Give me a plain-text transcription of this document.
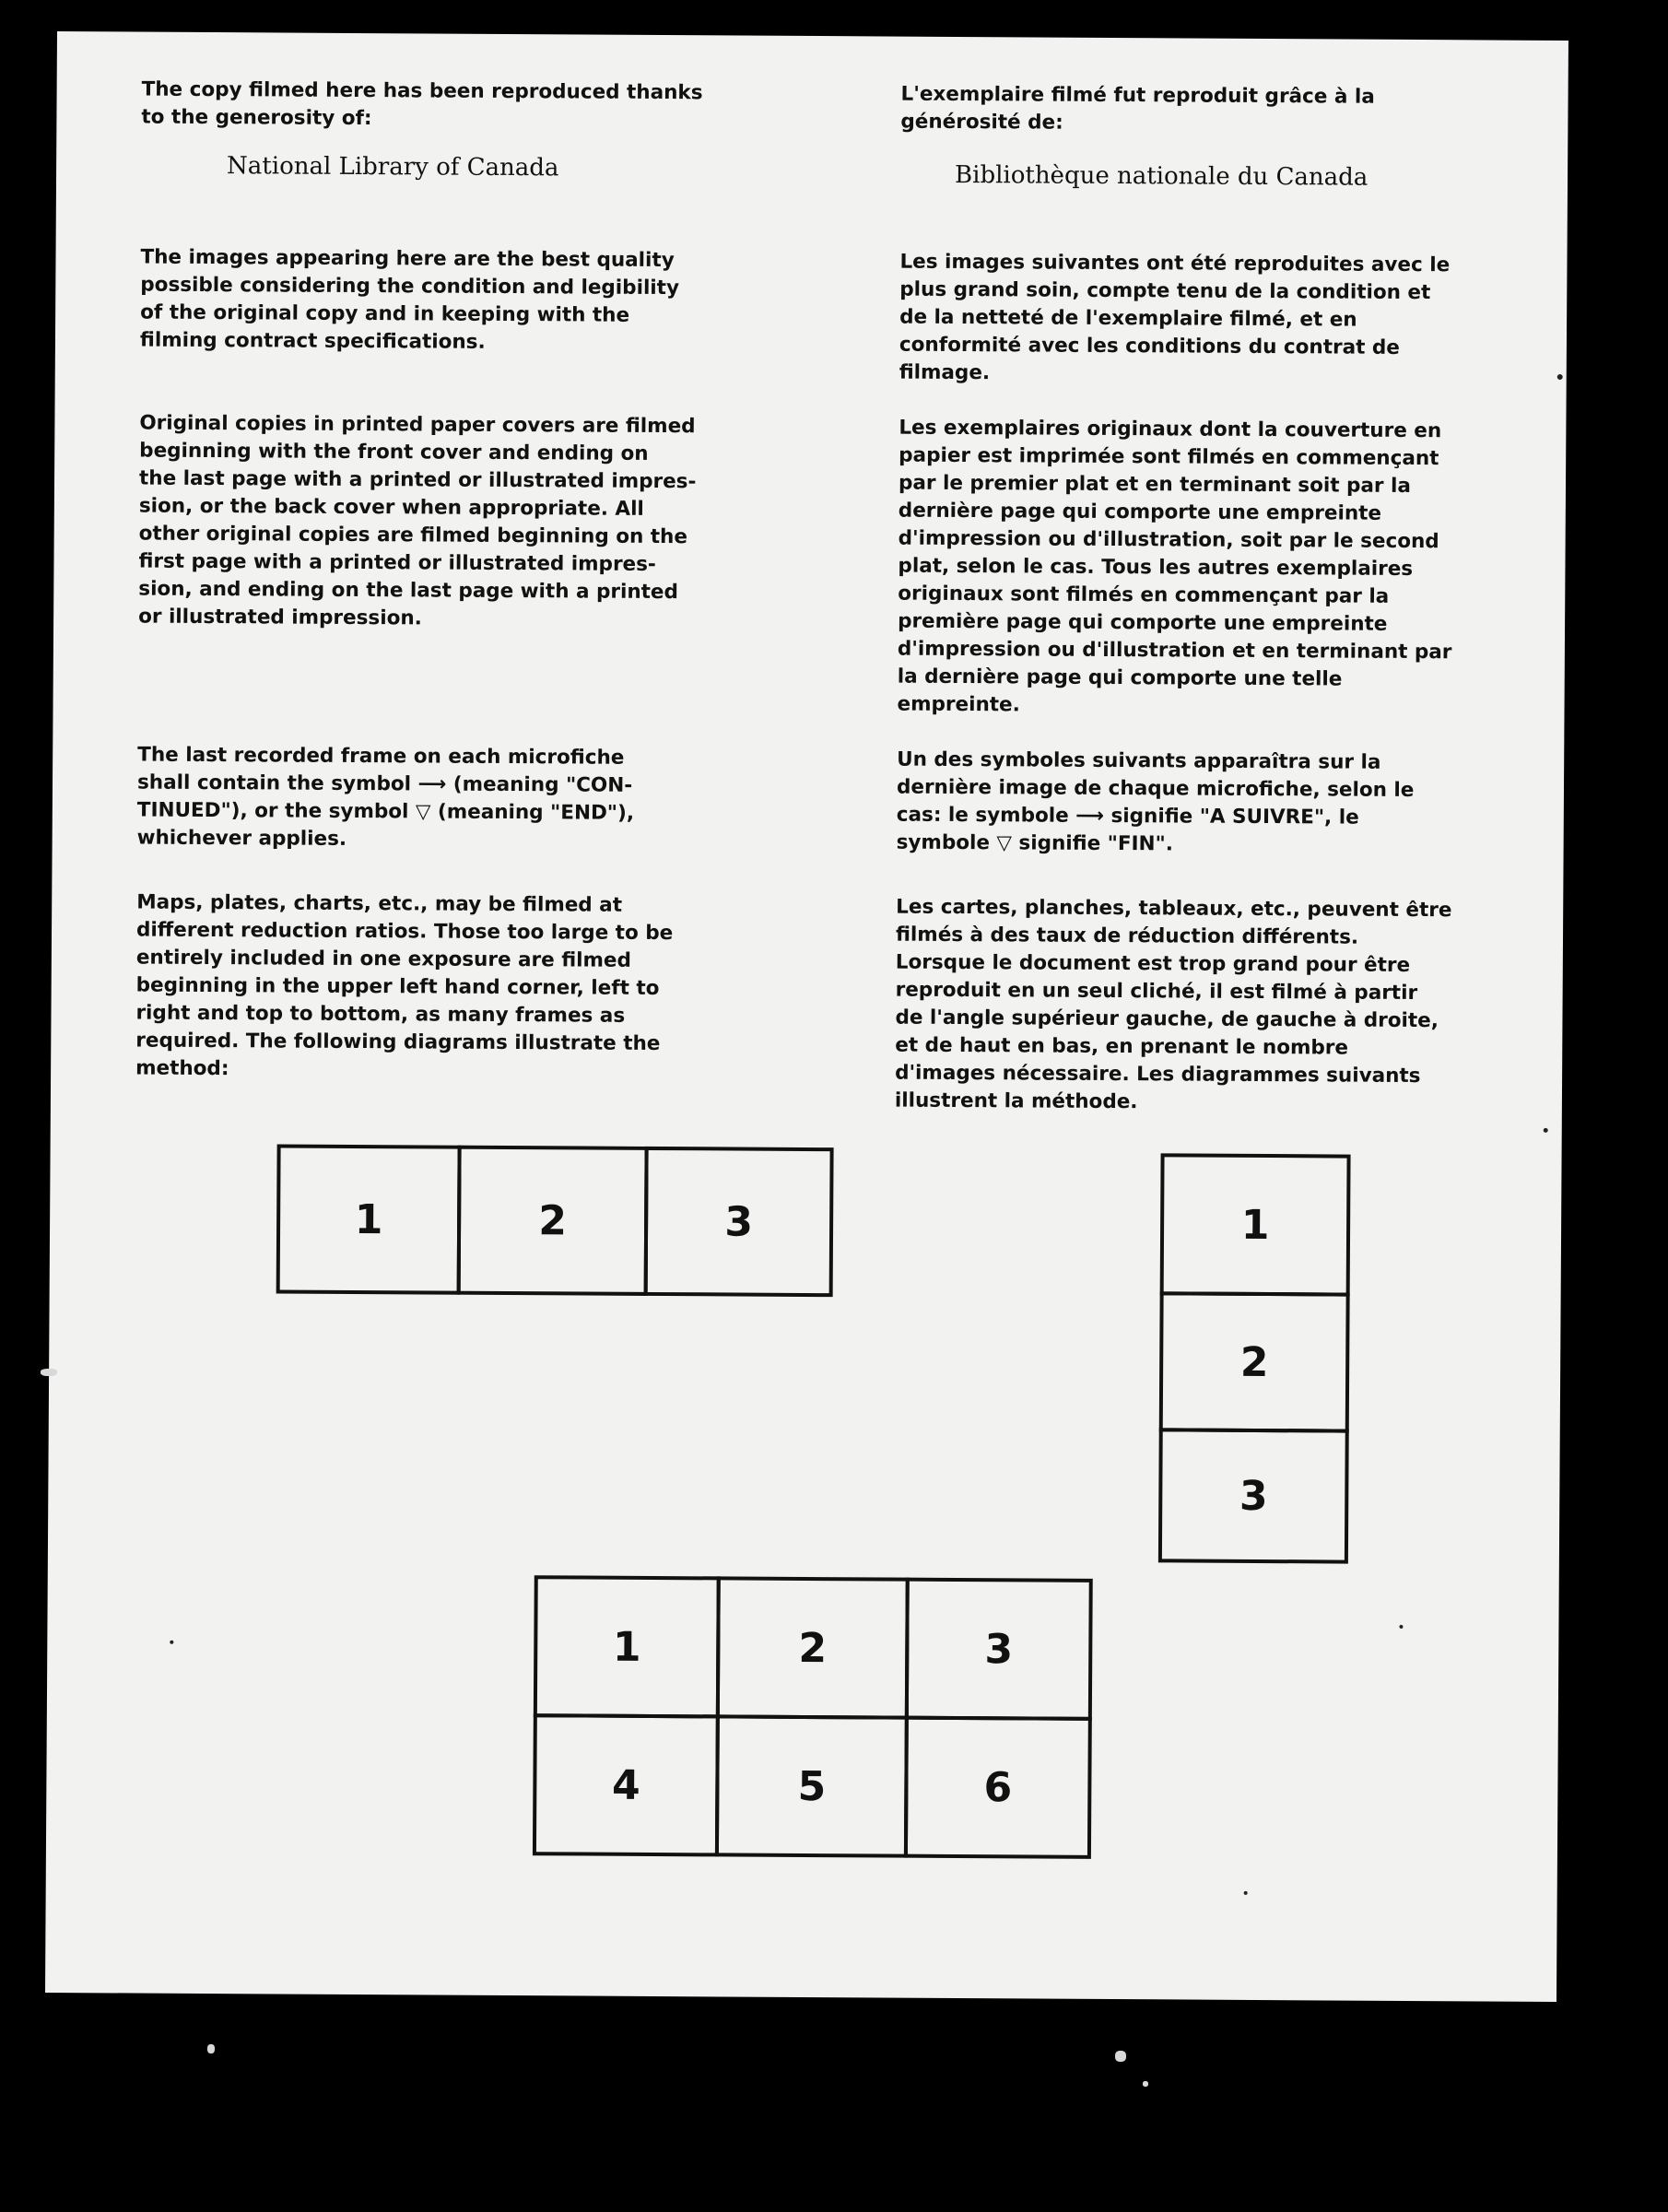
The copy filmed here has been reproduced thanks
to the generosity of:

National Library of Canada

The images appearing here are the best quality
possible considering the condition and legibility
of the original copy and in keeping with the
filming contract specifications.

Original copies in printed paper covers are filmed
beginning with the front cover and ending on
the last page with a printed or illustrated impres-
sion, or the back cover when appropriate. All
other original copies are filmed beginning on the
first page with a printed or illustrated impres-
sion, and ending on the last page with a printed
or illustrated impression.

The last recorded frame on each microfiche
shall contain the symbol ⟶ (meaning "CON-
TINUED"), or the symbol ▽ (meaning "END"),
whichever applies.

Maps, plates, charts, etc., may be filmed at
different reduction ratios. Those too large to be
entirely included in one exposure are filmed
beginning in the upper left hand corner, left to
right and top to bottom, as many frames as
required. The following diagrams illustrate the
method:

L'exemplaire filmé fut reproduit grâce à la
générosité de:

Bibliothèque nationale du Canada

Les images suivantes ont été reproduites avec le
plus grand soin, compte tenu de la condition et
de la netteté de l'exemplaire filmé, et en
conformité avec les conditions du contrat de
filmage.

Les exemplaires originaux dont la couverture en
papier est imprimée sont filmés en commençant
par le premier plat et en terminant soit par la
dernière page qui comporte une empreinte
d'impression ou d'illustration, soit par le second
plat, selon le cas. Tous les autres exemplaires
originaux sont filmés en commençant par la
première page qui comporte une empreinte
d'impression ou d'illustration et en terminant par
la dernière page qui comporte une telle
empreinte.

Un des symboles suivants apparaîtra sur la
dernière image de chaque microfiche, selon le
cas: le symbole ⟶ signifie "A SUIVRE", le
symbole ▽ signifie "FIN".

Les cartes, planches, tableaux, etc., peuvent être
filmés à des taux de réduction différents.
Lorsque le document est trop grand pour être
reproduit en un seul cliché, il est filmé à partir
de l'angle supérieur gauche, de gauche à droite,
et de haut en bas, en prenant le nombre
d'images nécessaire. Les diagrammes suivants
illustrent la méthode.

1	2	3	1
2
3
1	2	3
4	5	6
